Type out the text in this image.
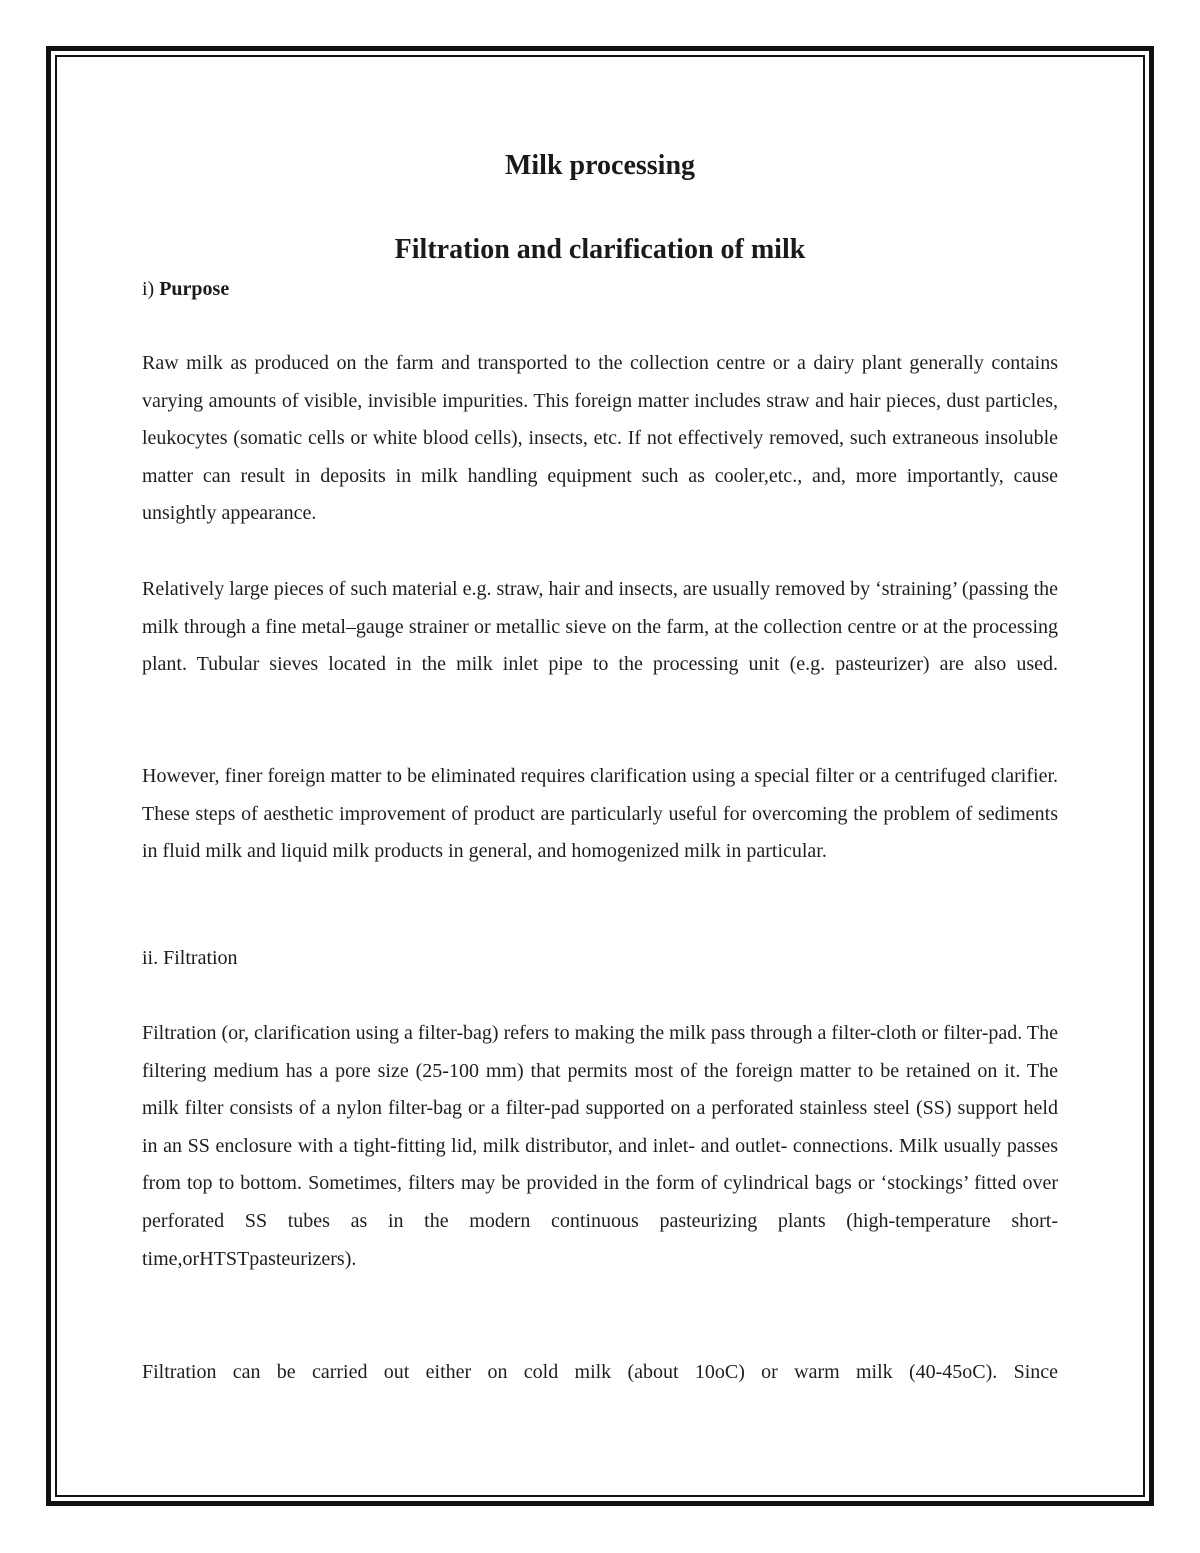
Milk processing
Filtration and clarification of milk
i) Purpose

Raw milk as produced on the farm and transported to the collection centre or a dairy plant generally contains varying amounts of visible, invisible impurities. This foreign matter includes straw and hair pieces, dust particles, leukocytes (somatic cells or white blood cells), insects, etc. If not effectively removed, such extraneous insoluble matter can result in deposits in milk handling equipment such as cooler,etc., and, more importantly, cause unsightly appearance.

Relatively large pieces of such material e.g. straw, hair and insects, are usually removed by ‘straining’ (passing the milk through a fine metal–gauge strainer or metallic sieve on the farm, at the collection centre or at the processing plant. Tubular sieves located in the milk inlet pipe to the processing unit (e.g. pasteurizer) are also used.

However, finer foreign matter to be eliminated requires clarification using a special filter or a centrifuged clarifier. These steps of aesthetic improvement of product are particularly useful for overcoming the problem of sediments in fluid milk and liquid milk products in general, and homogenized milk in particular.

ii. Filtration

Filtration (or, clarification using a filter-bag) refers to making the milk pass through a filter-cloth or filter-pad. The filtering medium has a pore size (25-100 mm) that permits most of the foreign matter to be retained on it. The milk filter consists of a nylon filter-bag or a filter-pad supported on a perforated stainless steel (SS) support held in an SS enclosure with a tight-fitting lid, milk distributor, and inlet- and outlet- connections. Milk usually passes from top to bottom. Sometimes, filters may be provided in the form of cylindrical bags or ‘stockings’ fitted over perforated SS tubes as in the modern continuous pasteurizing plants (high-temperature short-time,orHTSTpasteurizers).

Filtration can be carried out either on cold milk (about 10oC) or warm milk (40-45oC). Since
